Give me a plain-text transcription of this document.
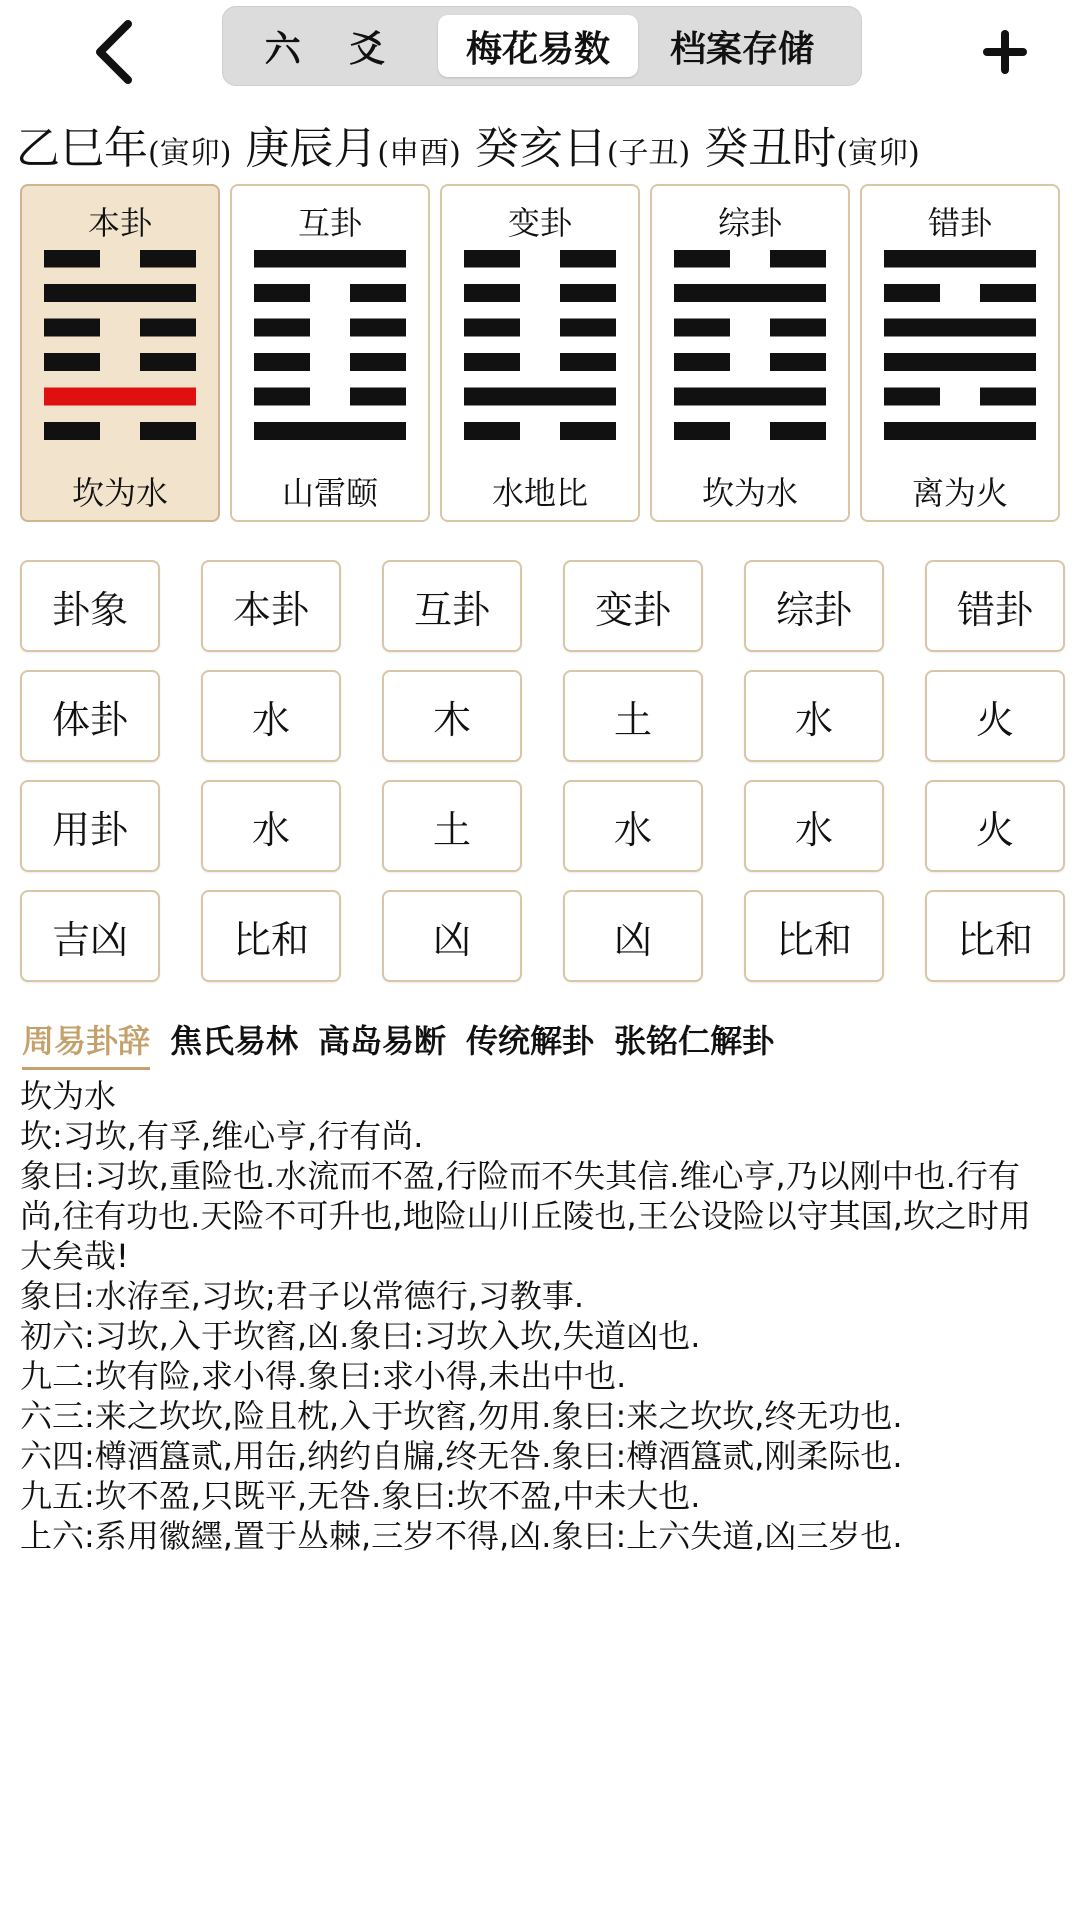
六 爻	梅花易数	档案存储
乙巳年 (寅卯) 庚辰月 (申酉) 癸亥日 (子丑) 癸丑时 (寅卯)
本卦
坎为水
互卦
山雷颐
变卦
水地比
综卦
坎为水
错卦
离为火
卦象	本卦	互卦	变卦	综卦	错卦
体卦	水	木	土	水	火
用卦	水	土	水	水	火
吉凶	比和	凶	凶	比和	比和
周易卦辞 焦氏易林 高岛易断 传统解卦 张铭仁解卦
坎为水
坎:习坎,有孚,维心亨,行有尚.
象曰:习坎,重险也.水流而不盈,行险而不失其信.维心亨,乃以刚中也.行有尚,往有功也.天险不可升也,地险山川丘陵也,王公设险以守其国,坎之时用大矣哉!
象曰:水洊至,习坎;君子以常德行,习教事.
初六:习坎,入于坎窞,凶.象曰:习坎入坎,失道凶也.
九二:坎有险,求小得.象曰:求小得,未出中也.
六三:来之坎坎,险且枕,入于坎窞,勿用.象曰:来之坎坎,终无功也.
六四:樽酒簋贰,用缶,纳约自牖,终无咎.象曰:樽酒簋贰,刚柔际也.
九五:坎不盈,只既平,无咎.象曰:坎不盈,中未大也.
上六:系用徽纆,置于丛棘,三岁不得,凶.象曰:上六失道,凶三岁也.
